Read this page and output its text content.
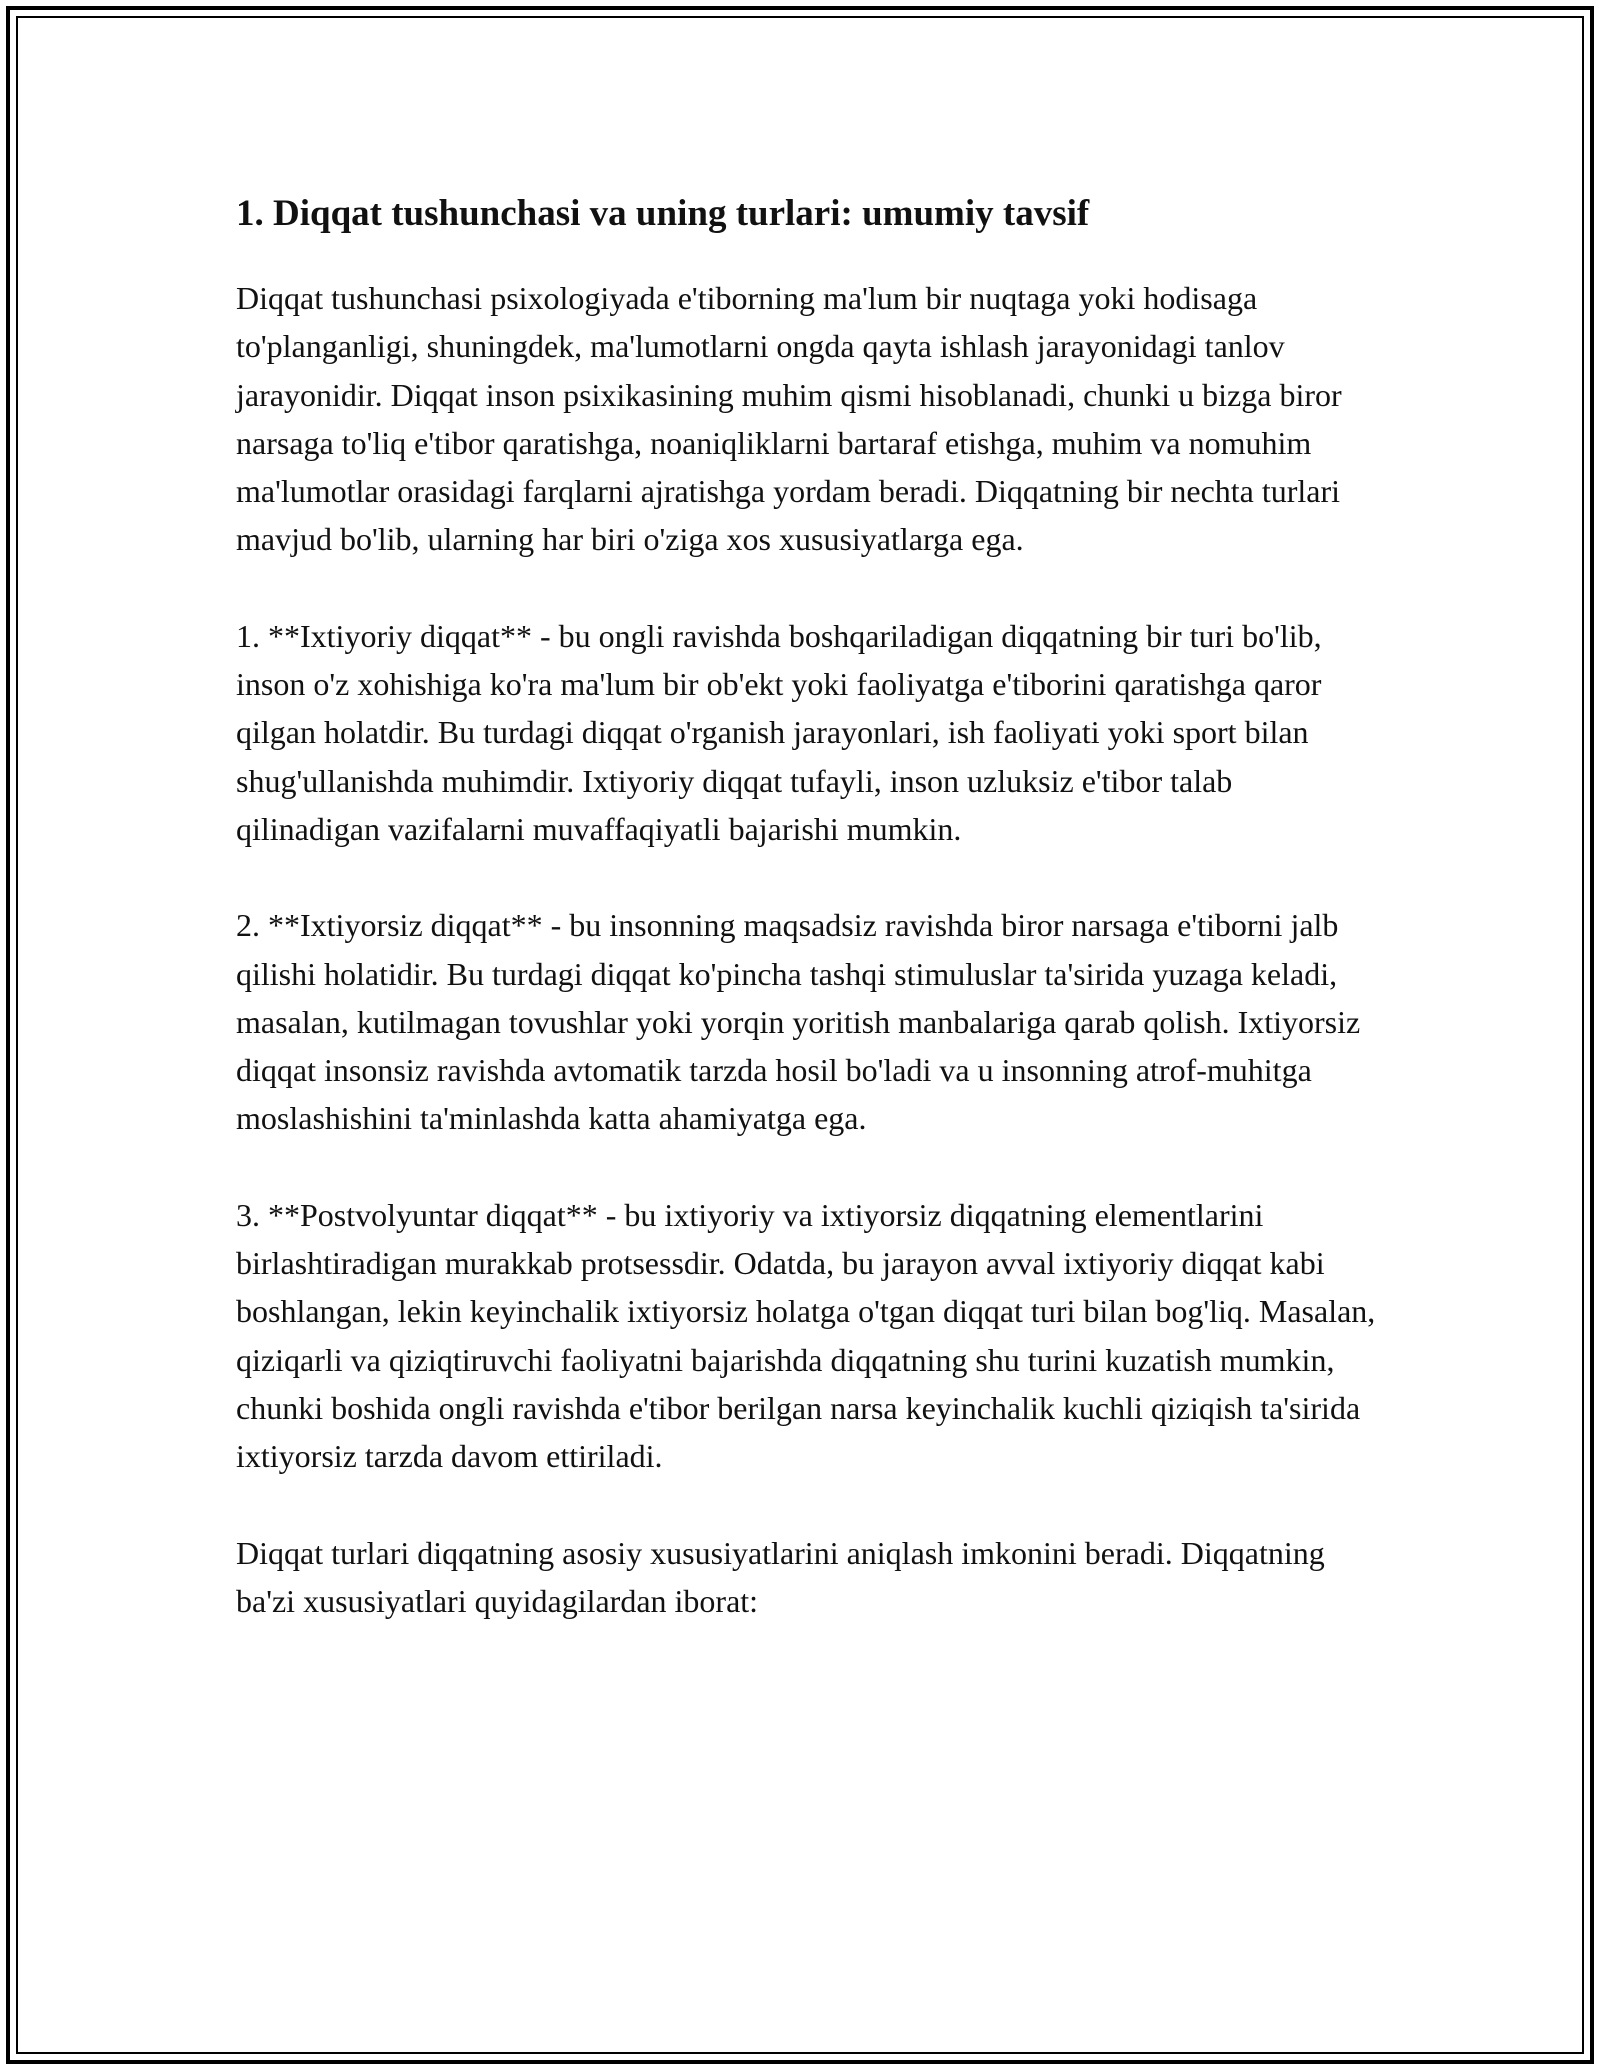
1. Diqqat tushunchasi va uning turlari: umumiy tavsif

Diqqat tushunchasi psixologiyada e'tiborning ma'lum bir nuqtaga yoki hodisaga to'planganligi, shuningdek, ma'lumotlarni ongda qayta ishlash jarayonidagi tanlov jarayonidir. Diqqat inson psixikasining muhim qismi hisoblanadi, chunki u bizga biror narsaga to'liq e'tibor qaratishga, noaniqliklarni bartaraf etishga, muhim va nomuhim ma'lumotlar orasidagi farqlarni ajratishga yordam beradi. Diqqatning bir nechta turlari mavjud bo'lib, ularning har biri o'ziga xos xususiyatlarga ega.

1. **Ixtiyoriy diqqat** - bu ongli ravishda boshqariladigan diqqatning bir turi bo'lib, inson o'z xohishiga ko'ra ma'lum bir ob'ekt yoki faoliyatga e'tiborini qaratishga qaror qilgan holatdir. Bu turdagi diqqat o'rganish jarayonlari, ish faoliyati yoki sport bilan shug'ullanishda muhimdir. Ixtiyoriy diqqat tufayli, inson uzluksiz e'tibor talab qilinadigan vazifalarni muvaffaqiyatli bajarishi mumkin.

2. **Ixtiyorsiz diqqat** - bu insonning maqsadsiz ravishda biror narsaga e'tiborni jalb qilishi holatidir. Bu turdagi diqqat ko'pincha tashqi stimuluslar ta'sirida yuzaga keladi, masalan, kutilmagan tovushlar yoki yorqin yoritish manbalariga qarab qolish. Ixtiyorsiz diqqat insonsiz ravishda avtomatik tarzda hosil bo'ladi va u insonning atrof-muhitga moslashishini ta'minlashda katta ahamiyatga ega.

3. **Postvolyuntar diqqat** - bu ixtiyoriy va ixtiyorsiz diqqatning elementlarini birlashtiradigan murakkab protsessdir. Odatda, bu jarayon avval ixtiyoriy diqqat kabi boshlangan, lekin keyinchalik ixtiyorsiz holatga o'tgan diqqat turi bilan bog'liq. Masalan, qiziqarli va qiziqtiruvchi faoliyatni bajarishda diqqatning shu turini kuzatish mumkin, chunki boshida ongli ravishda e'tibor berilgan narsa keyinchalik kuchli qiziqish ta'sirida ixtiyorsiz tarzda davom ettiriladi.

Diqqat turlari diqqatning asosiy xususiyatlarini aniqlash imkonini beradi. Diqqatning ba'zi xususiyatlari quyidagilardan iborat:
